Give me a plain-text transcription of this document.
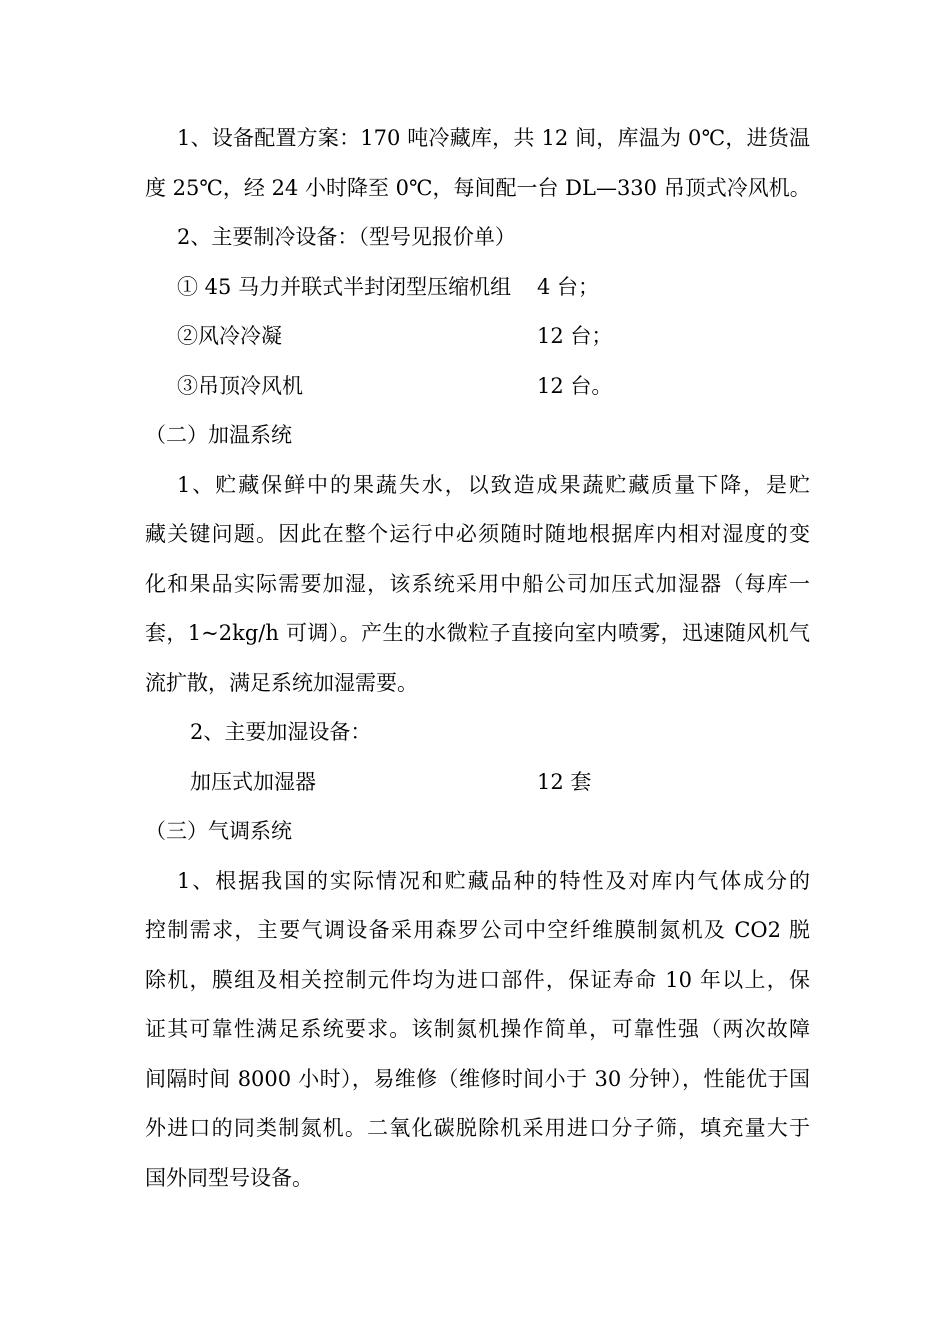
1、设备配置方案：170 吨冷藏库，共 12 间，库温为 0℃，进货温
度 25℃，经 24 小时降至 0℃，每间配一台 DL—330 吊顶式冷风机。
2、主要制冷设备：（型号见报价单）
① 45 马力并联式半封闭型压缩机组 4 台；
②风冷冷凝	12 台；
③吊顶冷风机	12 台。
（二）加温系统
1、贮藏保鲜中的果蔬失水，以致造成果蔬贮藏质量下降，是贮
藏关键问题。因此在整个运行中必须随时随地根据库内相对湿度的变
化和果品实际需要加湿，该系统采用中船公司加压式加湿器（每库一
套，1~2kg/h 可调）。产生的水微粒子直接向室内喷雾，迅速随风机气
流扩散，满足系统加湿需要。
2、主要加湿设备：
加压式加湿器	12 套
（三）气调系统
1、根据我国的实际情况和贮藏品种的特性及对库内气体成分的
控制需求，主要气调设备采用森罗公司中空纤维膜制氮机及 CO2 脱
除机，膜组及相关控制元件均为进口部件，保证寿命 10 年以上，保
证其可靠性满足系统要求。该制氮机操作简单，可靠性强（两次故障
间隔时间 8000 小时），易维修（维修时间小于 30 分钟），性能优于国
外进口的同类制氮机。二氧化碳脱除机采用进口分子筛，填充量大于
国外同型号设备。
